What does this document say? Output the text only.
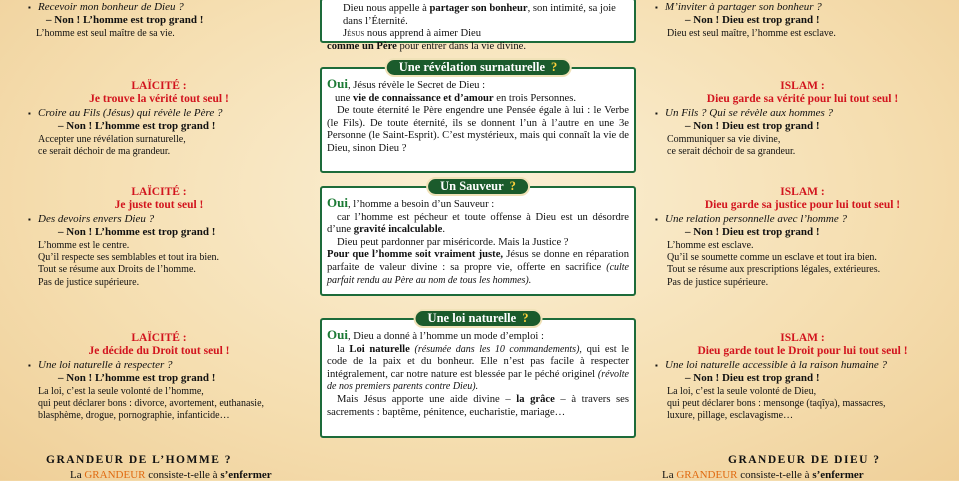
▪ Recevoir mon bonheur de Dieu ?
– Non ! L’homme est trop grand !
L’homme est seul maître de sa vie.
LAÏCITÉ :
Je trouve la vérité tout seul !
▪ Croire au Fils (Jésus) qui révèle le Père ?
– Non ! L’homme est trop grand !
Accepter une révélation surnaturelle,
ce serait déchoir de ma grandeur.
LAÏCITÉ :
Je juste tout seul !
▪ Des devoirs envers Dieu ?
– Non ! L’homme est trop grand !
L’homme est le centre.
Qu’il respecte ses semblables et tout ira bien.
Tout se résume aux Droits de l’homme.
Pas de justice supérieure.
LAÏCITÉ :
Je décide du Droit tout seul !
▪ Une loi naturelle à respecter ?
– Non ! L’homme est trop grand !
La loi, c’est la seule volonté de l’homme,
qui peut déclarer bons : divorce, avortement, euthanasie,
blasphème, drogue, pornographie, infanticide…
GRANDEUR DE L’HOMME ?
La GRANDEUR consiste-t-elle à s’enfermer
Dieu nous appelle à partager son bonheur, son intimité, sa joie dans l’Éternité.
Jésus nous apprend à aimer Dieu
comme un Père pour entrer dans la vie divine.
Une révélation surnaturelle ?
Oui, Jésus révèle le Secret de Dieu :
une vie de connaissance et d’amour en trois Personnes.
De toute éternité le Père engendre une Pensée égale à lui : le Verbe (le Fils). De toute éternité, ils se donnent l’un à l’autre en une 3e Personne (le Saint-Esprit). C’est mystérieux, mais qui connaît la vie de Dieu, sinon Dieu ?
Un Sauveur ?
Oui, l’homme a besoin d’un Sauveur :
car l’homme est pécheur et toute offense à Dieu est un désordre d’une gravité incalculable.
Dieu peut pardonner par miséricorde. Mais la Justice ?
Pour que l’homme soit vraiment juste, Jésus se donne en réparation parfaite de valeur divine : sa propre vie, offerte en sacrifice (culte parfait rendu au Père au nom de tous les hommes).
Une loi naturelle ?
Oui, Dieu a donné à l’homme un mode d’emploi :
la Loi naturelle (résumée dans les 10 commandements), qui est le code de la paix et du bonheur. Elle n’est pas facile à respecter intégralement, car notre nature est blessée par le péché originel (révolte de nos premiers parents contre Dieu).
Mais Jésus apporte une aide divine – la grâce – à travers ses sacrements : baptême, pénitence, eucharistie, mariage…
▪ M’inviter à partager son bonheur ?
– Non ! Dieu est trop grand !
Dieu est seul maître, l’homme est esclave.
ISLAM :
Dieu garde sa vérité pour lui tout seul !
▪ Un Fils ? Qui se révèle aux hommes ?
– Non ! Dieu est trop grand !
Communiquer sa vie divine,
ce serait déchoir de sa grandeur.
ISLAM :
Dieu garde sa justice pour lui tout seul !
▪ Une relation personnelle avec l’homme ?
– Non ! Dieu est trop grand !
L’homme est esclave.
Qu’il se soumette comme un esclave et tout ira bien.
Tout se résume aux prescriptions légales, extérieures.
Pas de justice supérieure.
ISLAM :
Dieu garde tout le Droit pour lui tout seul !
▪ Une loi naturelle accessible à la raison humaine ?
– Non ! Dieu est trop grand !
La loi, c’est la seule volonté de Dieu,
qui peut déclarer bons : mensonge (taqîya), massacres,
luxure, pillage, esclavagisme…
GRANDEUR DE DIEU ?
La GRANDEUR consiste-t-elle à s’enfermer
